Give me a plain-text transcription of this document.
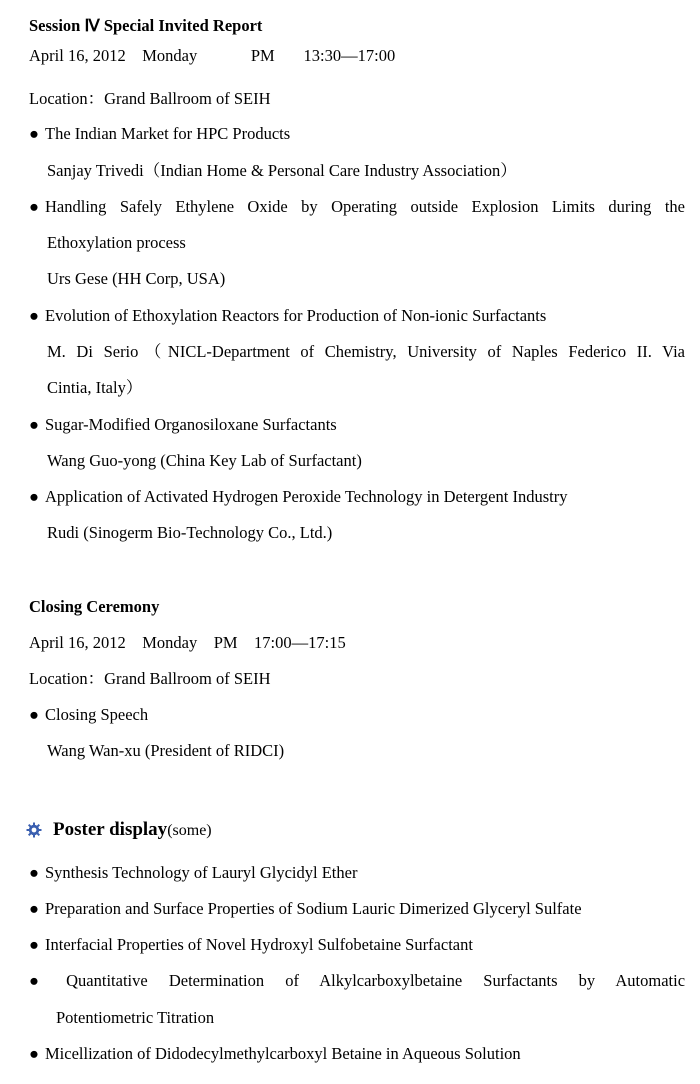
Session Ⅳ Special Invited Report
April 16, 2012    Monday             PM       13:30—17:00
Location：Grand Ballroom of SEIH
● The Indian Market for HPC Products
Sanjay Trivedi（Indian Home & Personal Care Industry Association）
● Handling Safely Ethylene Oxide by Operating outside Explosion Limits during the
Ethoxylation process
Urs Gese (HH Corp, USA)
● Evolution of Ethoxylation Reactors for Production of Non-ionic Surfactants
M. Di Serio（NICL-Department of Chemistry, University of Naples Federico II. Via
Cintia, Italy）
● Sugar-Modified Organosiloxane Surfactants
Wang Guo-yong (China Key Lab of Surfactant)
● Application of Activated Hydrogen Peroxide Technology in Detergent Industry
Rudi (Sinogerm Bio-Technology Co., Ltd.)
Closing Ceremony
April 16, 2012    Monday    PM    17:00—17:15
Location：Grand Ballroom of SEIH
● Closing Speech
Wang Wan-xu (President of RIDCI)
Poster display(some)
● Synthesis Technology of Lauryl Glycidyl Ether
● Preparation and Surface Properties of Sodium Lauric Dimerized Glyceryl Sulfate
● Interfacial Properties of Novel Hydroxyl Sulfobetaine Surfactant
● Quantitative Determination of Alkylcarboxylbetaine Surfactants by Automatic
Potentiometric Titration
● Micellization of Didodecylmethylcarboxyl Betaine in Aqueous Solution
